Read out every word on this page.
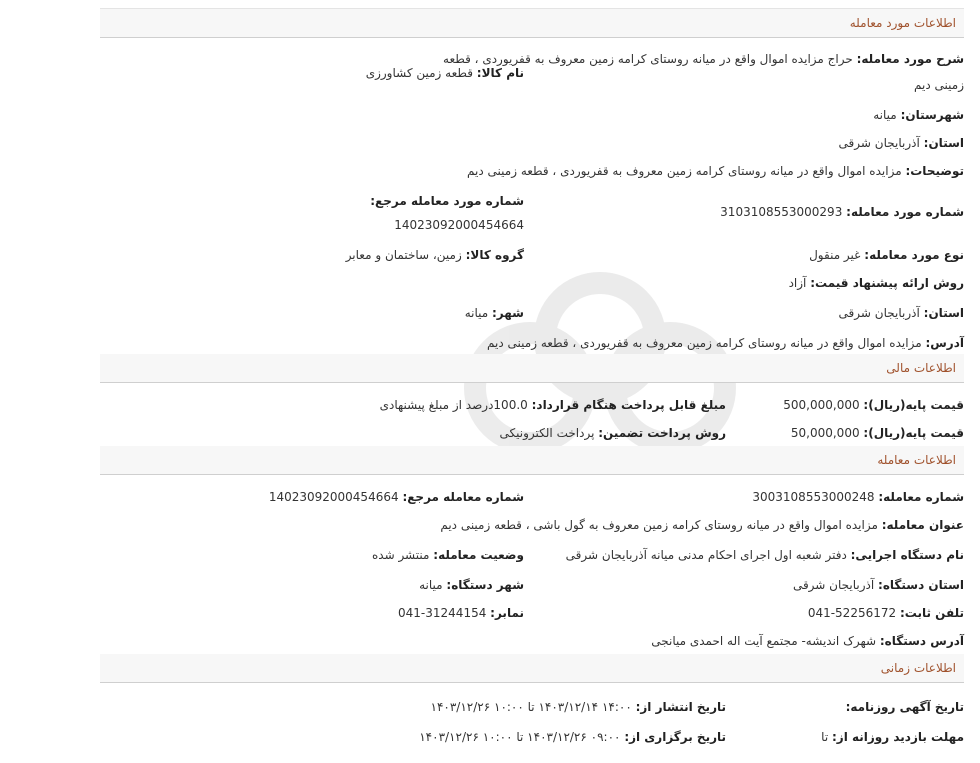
اطلاعات مورد معامله
شرح مورد معامله: حراج مزایده اموال واقع در میانه روستای کرامه زمین معروف به قفریوردی ، قطعه
زمینی دیم
نام کالا: قطعه زمین کشاورزی
شهرستان: میانه
استان: آذربایجان شرقی
توضیحات: مزایده اموال واقع در میانه روستای کرامه زمین معروف به قفریوردی ، قطعه زمینی دیم
شماره مورد معامله مرجع:
14023092000454664
شماره مورد معامله: 3103108553000293
گروه کالا: زمین، ساختمان و معابر	نوع مورد معامله: غیر منقول
روش ارائه پیشنهاد قیمت: آزاد
استان: آذربایجان شرقی
شهر: میانه
آدرس: مزایده اموال واقع در میانه روستای کرامه زمین معروف به قفریوردی ، قطعه زمینی دیم
اطلاعات مالی
قیمت پایه(ریال): 500,000,000
مبلغ قابل پرداخت هنگام قرارداد: 100.0درصد از مبلغ پیشنهادی
قیمت پایه(ریال): 50,000,000
روش پرداخت تضمین: پرداخت الکترونیکی
اطلاعات معامله
شماره معامله: 3003108553000248
شماره معامله مرجع: 14023092000454664
عنوان معامله: مزایده اموال واقع در میانه روستای کرامه زمین معروف به گول باشی ، قطعه زمینی دیم
نام دستگاه اجرایی: دفتر شعبه اول اجرای احکام مدنی میانه آذربایجان شرقی
وضعیت معامله: منتشر شده
استان دستگاه: آذربایجان شرقی
شهر دستگاه: میانه
تلفن ثابت: 041-52256172
نمابر: 041-31244154
آدرس دستگاه: شهرک اندیشه- مجتمع آیت اله احمدی میانجی
اطلاعات زمانی
تاریخ آگهی روزنامه:
تاریخ انتشار از: ۱۴:۰۰ ۱۴۰۳/۱۲/۱۴ تا ۱۰:۰۰ ۱۴۰۳/۱۲/۲۶
مهلت بازدید روزانه از: تا
تاریخ برگزاری از: ۰۹:۰۰ ۱۴۰۳/۱۲/۲۶ تا ۱۰:۰۰ ۱۴۰۳/۱۲/۲۶
